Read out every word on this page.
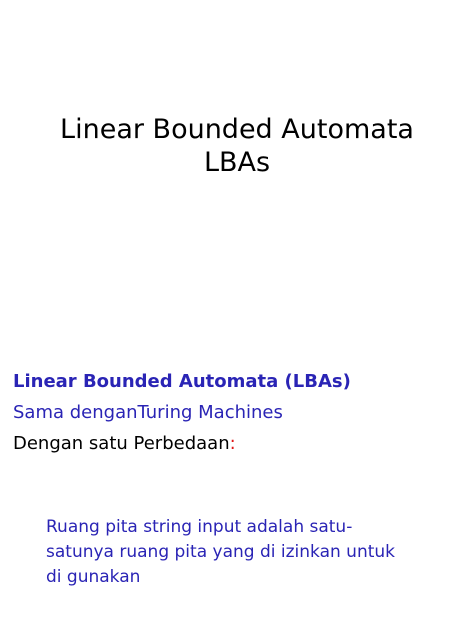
Linear Bounded Automata
LBAs
Linear Bounded Automata (LBAs)
Sama denganTuring Machines
Dengan satu Perbedaan:
Ruang pita string input adalah satu-
satunya ruang pita yang di izinkan untuk
di gunakan
